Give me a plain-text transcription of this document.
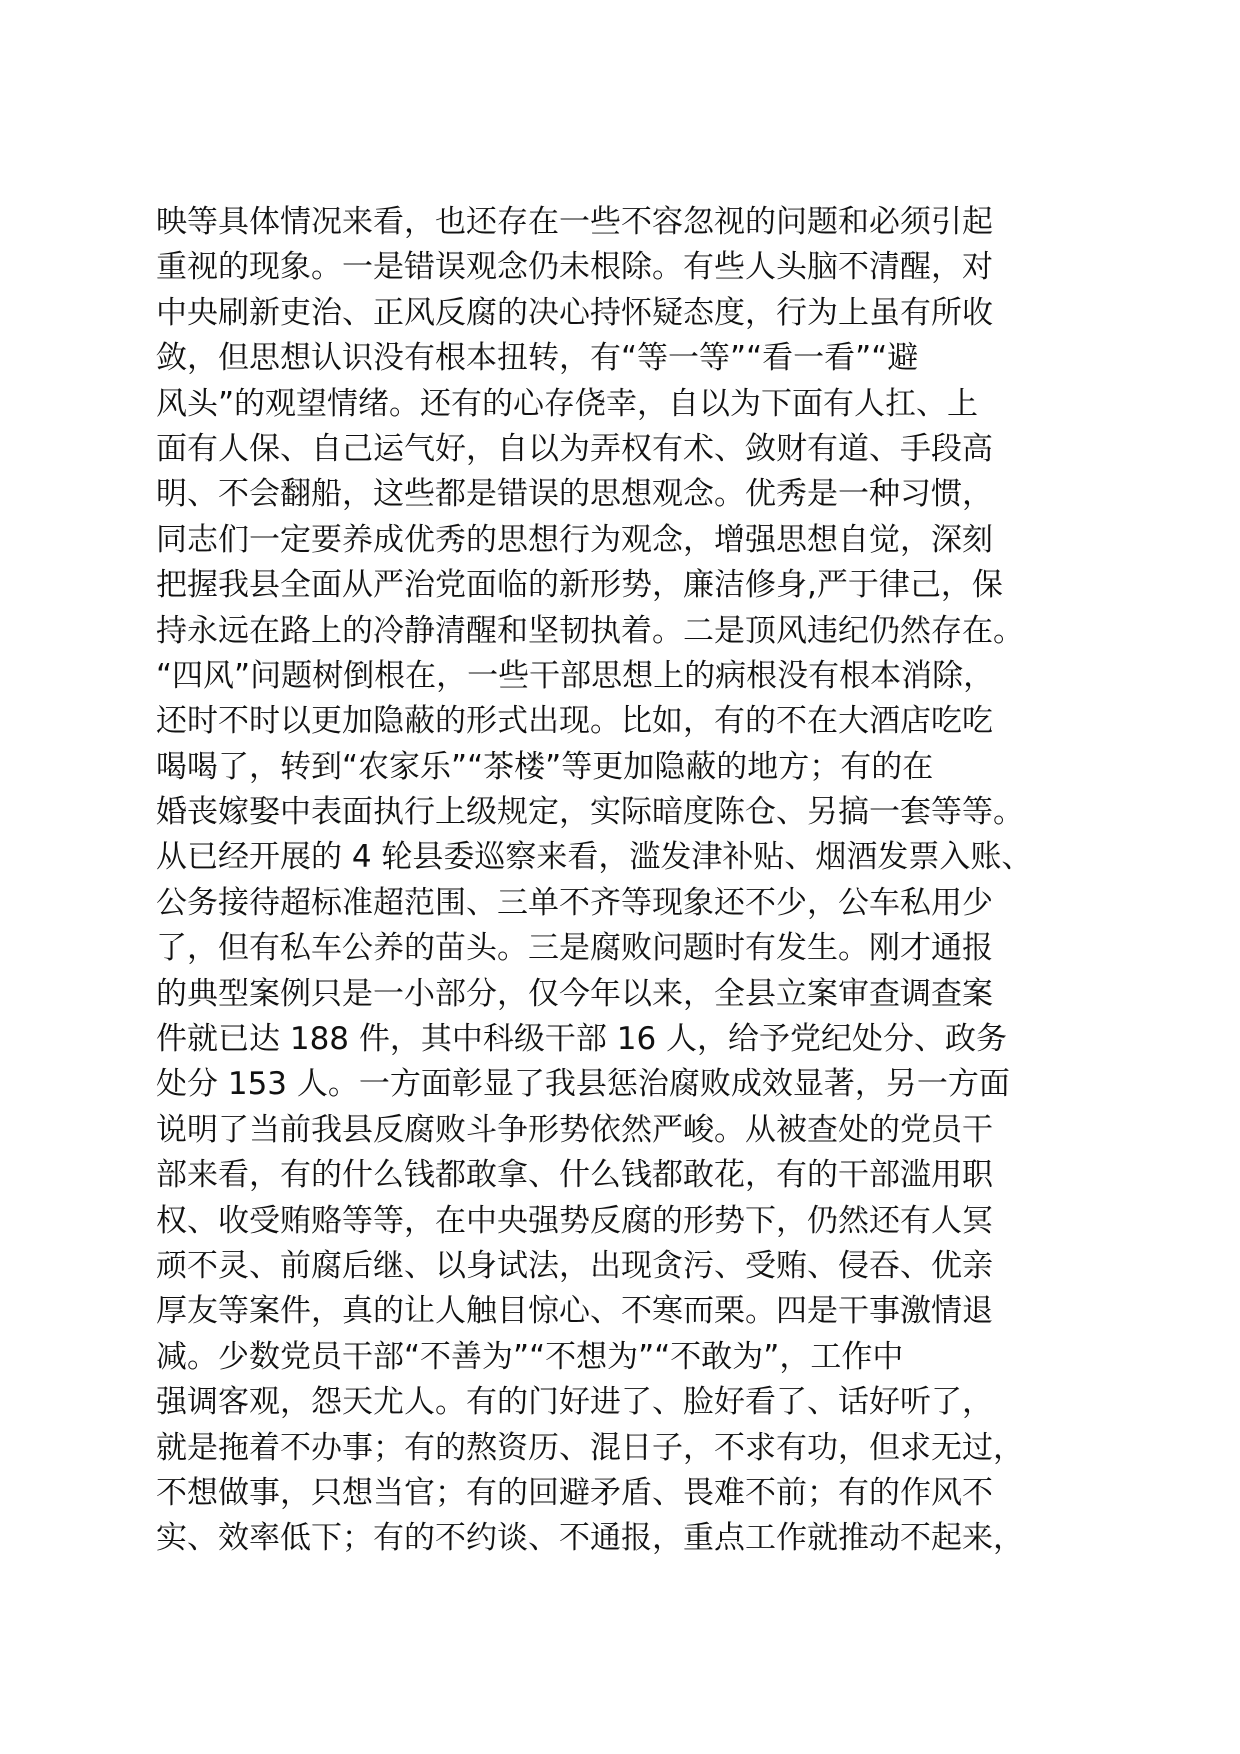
映等具体情况来看，也还存在一些不容忽视的问题和必须引起
重视的现象。一是错误观念仍未根除。有些人头脑不清醒，对
中央刷新吏治、正风反腐的决心持怀疑态度，行为上虽有所收
敛，但思想认识没有根本扭转，有“等一等”“看一看”“避
风头”的观望情绪。还有的心存侥幸，自以为下面有人扛、上
面有人保、自己运气好，自以为弄权有术、敛财有道、手段高
明、不会翻船，这些都是错误的思想观念。优秀是一种习惯，
同志们一定要养成优秀的思想行为观念，增强思想自觉，深刻
把握我县全面从严治党面临的新形势，廉洁修身,严于律己，保
持永远在路上的冷静清醒和坚韧执着。二是顶风违纪仍然存在。
“四风”问题树倒根在，一些干部思想上的病根没有根本消除，
还时不时以更加隐蔽的形式出现。比如，有的不在大酒店吃吃
喝喝了，转到“农家乐”“茶楼”等更加隐蔽的地方；有的在
婚丧嫁娶中表面执行上级规定，实际暗度陈仓、另搞一套等等。
从已经开展的 4 轮县委巡察来看，滥发津补贴、烟酒发票入账、
公务接待超标准超范围、三单不齐等现象还不少，公车私用少
了，但有私车公养的苗头。三是腐败问题时有发生。刚才通报
的典型案例只是一小部分，仅今年以来，全县立案审查调查案
件就已达 188 件，其中科级干部 16 人，给予党纪处分、政务
处分 153 人。一方面彰显了我县惩治腐败成效显著，另一方面
说明了当前我县反腐败斗争形势依然严峻。从被查处的党员干
部来看，有的什么钱都敢拿、什么钱都敢花，有的干部滥用职
权、收受贿赂等等，在中央强势反腐的形势下，仍然还有人冥
顽不灵、前腐后继、以身试法，出现贪污、受贿、侵吞、优亲
厚友等案件，真的让人触目惊心、不寒而栗。四是干事激情退
减。少数党员干部“不善为”“不想为”“不敢为”，工作中
强调客观，怨天尤人。有的门好进了、脸好看了、话好听了，
就是拖着不办事；有的熬资历、混日子，不求有功，但求无过，
不想做事，只想当官；有的回避矛盾、畏难不前；有的作风不
实、效率低下；有的不约谈、不通报，重点工作就推动不起来，
